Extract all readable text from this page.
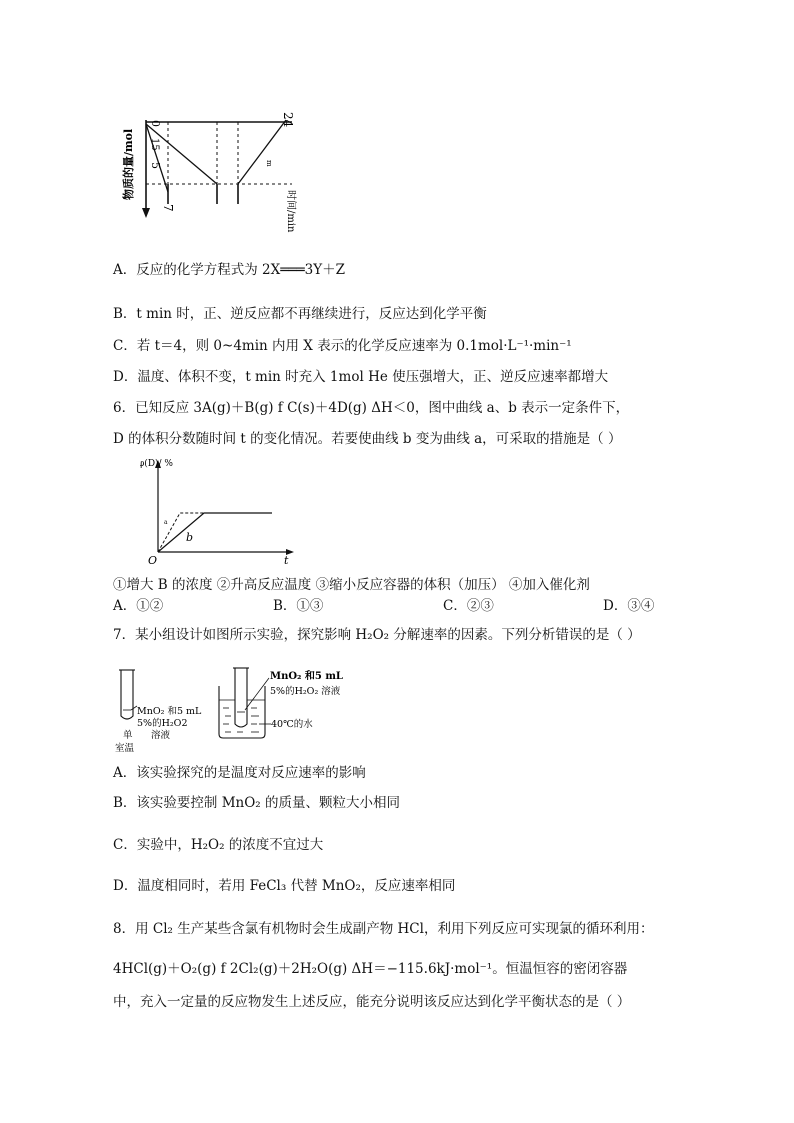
物质的量/mol
时间/min
24
0
5
7
15
m
A．反应的化学方程式为 2X═══3Y＋Z
B．t min 时，正、逆反应都不再继续进行，反应达到化学平衡
C．若 t＝4，则 0~4min 内用 X 表示的化学反应速率为 0.1mol·L⁻¹·min⁻¹
D．温度、体积不变，t min 时充入 1mol He 使压强增大，正、逆反应速率都增大
6．已知反应 3A(g)＋B(g) f C(s)＋4D(g) ΔH＜0，图中曲线 a、b 表示一定条件下，
D 的体积分数随时间 t 的变化情况。若要使曲线 b 变为曲线 a，可采取的措施是（ ）
φ(D)/ %
t
O
a
b
①增大 B 的浓度 ②升高反应温度 ③缩小反应容器的体积（加压） ④加入催化剂
A．①②	B．①③	C．②③	D．③④
7．某小组设计如图所示实验，探究影响 H₂O₂ 分解速率的因素。下列分析错误的是（ ）
MnO₂ 和5 mL
5%的H₂O2
溶液
单
室温
MnO₂ 和5 mL
5%的H₂O₂ 溶液
40℃的水
A．该实验探究的是温度对反应速率的影响
B．该实验要控制 MnO₂ 的质量、颗粒大小相同
C．实验中，H₂O₂ 的浓度不宜过大
D．温度相同时，若用 FeCl₃ 代替 MnO₂，反应速率相同
8．用 Cl₂ 生产某些含氯有机物时会生成副产物 HCl，利用下列反应可实现氯的循环利用：
4HCl(g)＋O₂(g) f 2Cl₂(g)＋2H₂O(g) ΔH＝−115.6kJ·mol⁻¹。恒温恒容的密闭容器
中，充入一定量的反应物发生上述反应，能充分说明该反应达到化学平衡状态的是（ ）
